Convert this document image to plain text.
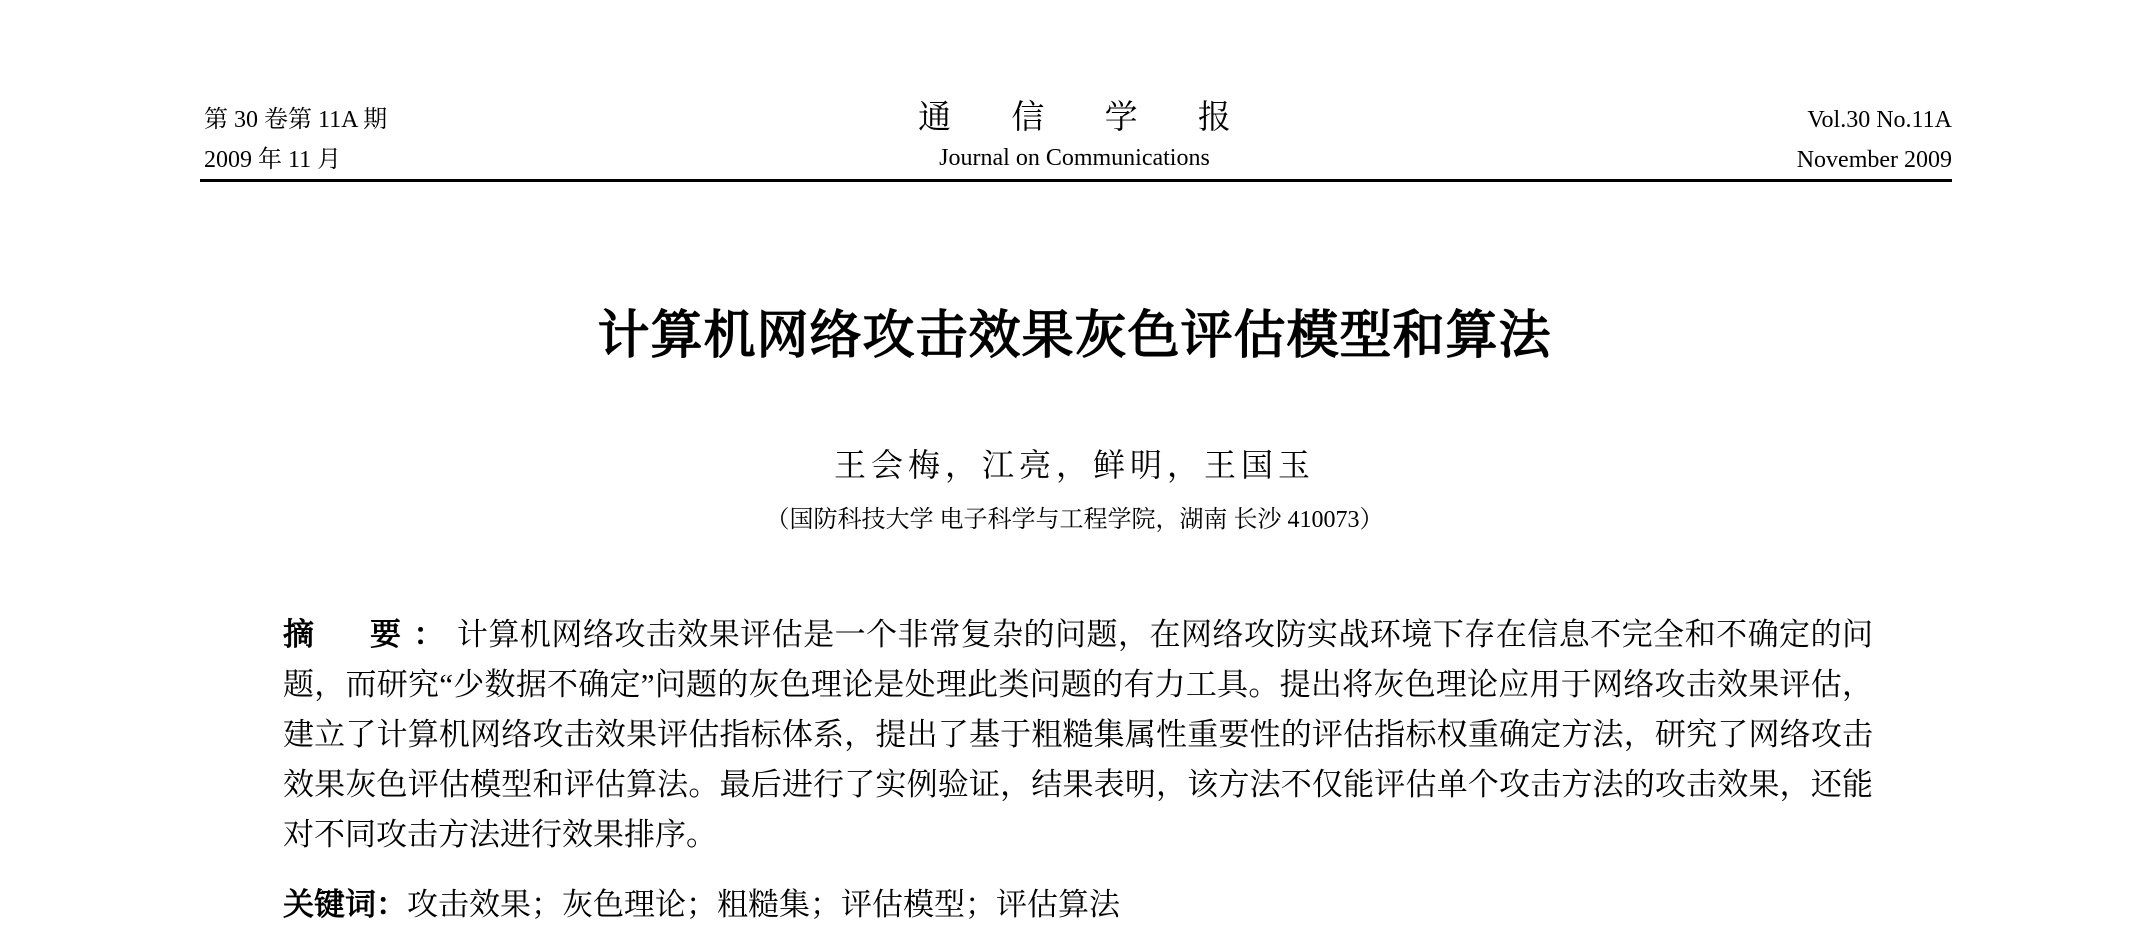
第 30 卷第 11A 期
2009 年 11 月
通 信 学 报
Journal on Communications
Vol.30 No.11A
November 2009
计算机网络攻击效果灰色评估模型和算法
王会梅，江亮，鲜明，王国玉
（国防科技大学 电子科学与工程学院，湖南 长沙 410073）
摘　要：计算机网络攻击效果评估是一个非常复杂的问题，在网络攻防实战环境下存在信息不完全和不确定的问题，而研究“少数据不确定”问题的灰色理论是处理此类问题的有力工具。提出将灰色理论应用于网络攻击效果评估，建立了计算机网络攻击效果评估指标体系，提出了基于粗糙集属性重要性的评估指标权重确定方法，研究了网络攻击效果灰色评估模型和评估算法。最后进行了实例验证，结果表明，该方法不仅能评估单个攻击方法的攻击效果，还能对不同攻击方法进行效果排序。
关键词：攻击效果；灰色理论；粗糙集；评估模型；评估算法
